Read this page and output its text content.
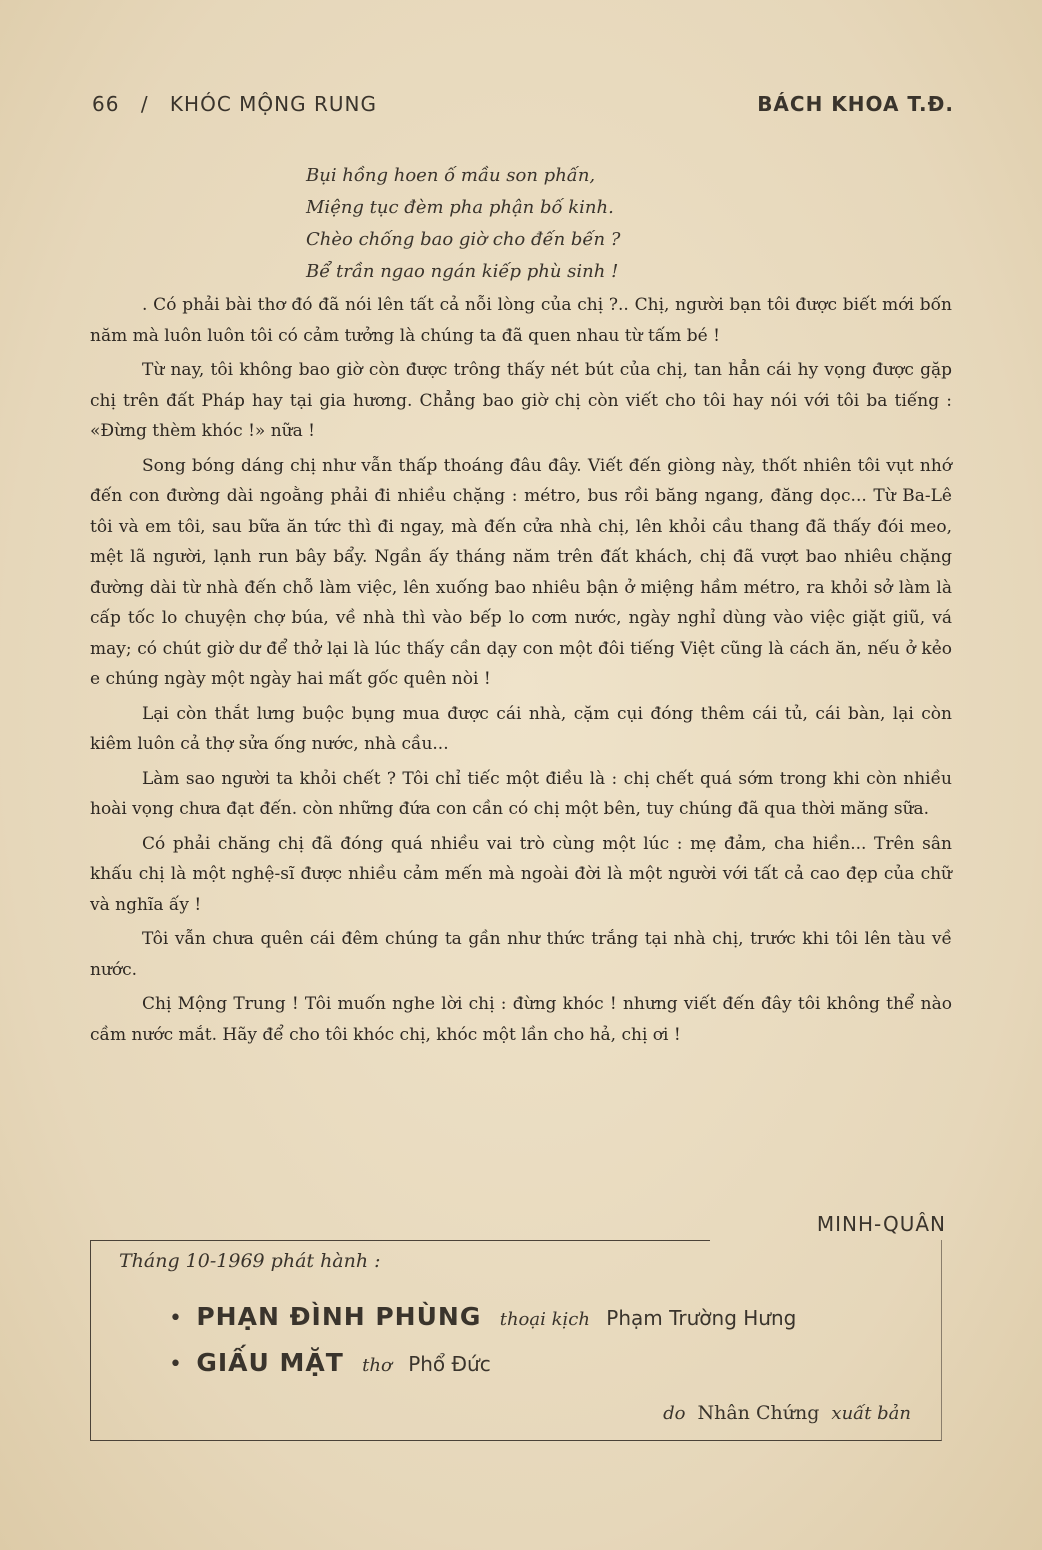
66 / KHÓC MỘNG RUNG	BÁCH KHOA T.Đ.
Bụi hồng hoen ố mầu son phấn,
Miệng tục đèm pha phận bố kinh.
Chèo chống bao giờ cho đến bến ?
Bể trần ngao ngán kiếp phù sinh !

. Có phải bài thơ đó đã nói lên tất cả nỗi lòng của chị ?.. Chị, người bạn tôi được biết mới bốn năm mà luôn luôn tôi có cảm tưởng là chúng ta đã quen nhau từ tấm bé !

Từ nay, tôi không bao giờ còn được trông thấy nét bút của chị, tan hẳn cái hy vọng được gặp chị trên đất Pháp hay tại gia hương. Chẳng bao giờ chị còn viết cho tôi hay nói với tôi ba tiếng : «Đừng thèm khóc !» nữa !

Song bóng dáng chị như vẫn thấp thoáng đâu đây. Viết đến giòng này, thốt nhiên tôi vụt nhớ đến con đường dài ngoằng phải đi nhiều chặng : métro, bus rồi băng ngang, đăng dọc... Từ Ba-Lê tôi và em tôi, sau bữa ăn tức thì đi ngay, mà đến cửa nhà chị, lên khỏi cầu thang đã thấy đói meo, mệt lã người, lạnh run bây bẩy. Ngần ấy tháng năm trên đất khách, chị đã vượt bao nhiêu chặng đường dài từ nhà đến chỗ làm việc, lên xuống bao nhiêu bận ở miệng hầm métro, ra khỏi sở làm là cấp tốc lo chuyện chợ búa, về nhà thì vào bếp lo cơm nước, ngày nghỉ dùng vào việc giặt giũ, vá may; có chút giờ dư để thở lại là lúc thấy cần dạy con một đôi tiếng Việt cũng là cách ăn, nếu ở kẻo e chúng ngày một ngày hai mất gốc quên nòi !

Lại còn thắt lưng buộc bụng mua được cái nhà, cặm cụi đóng thêm cái tủ, cái bàn, lại còn kiêm luôn cả thợ sửa ống nước, nhà cầu...

Làm sao người ta khỏi chết ? Tôi chỉ tiếc một điều là : chị chết quá sớm trong khi còn nhiều hoài vọng chưa đạt đến. còn những đứa con cần có chị một bên, tuy chúng đã qua thời măng sữa.

Có phải chăng chị đã đóng quá nhiều vai trò cùng một lúc : mẹ đảm, cha hiền... Trên sân khấu chị là một nghệ-sĩ được nhiều cảm mến mà ngoài đời là một người với tất cả cao đẹp của chữ và nghĩa ấy !

Tôi vẫn chưa quên cái đêm chúng ta gần như thức trắng tại nhà chị, trước khi tôi lên tàu về nước.

Chị Mộng Trung ! Tôi muốn nghe lời chị : đừng khóc ! nhưng viết đến đây tôi không thể nào cầm nước mắt. Hãy để cho tôi khóc chị, khóc một lần cho hả, chị ơi !

MINH-QUÂN
Tháng 10-1969 phát hành :
• PHẠN ĐÌNH PHÙNG thoại kịch Phạm Trường Hưng
• GIẤU MẶT thơ Phổ Đức
do Nhân Chứng xuất bản
